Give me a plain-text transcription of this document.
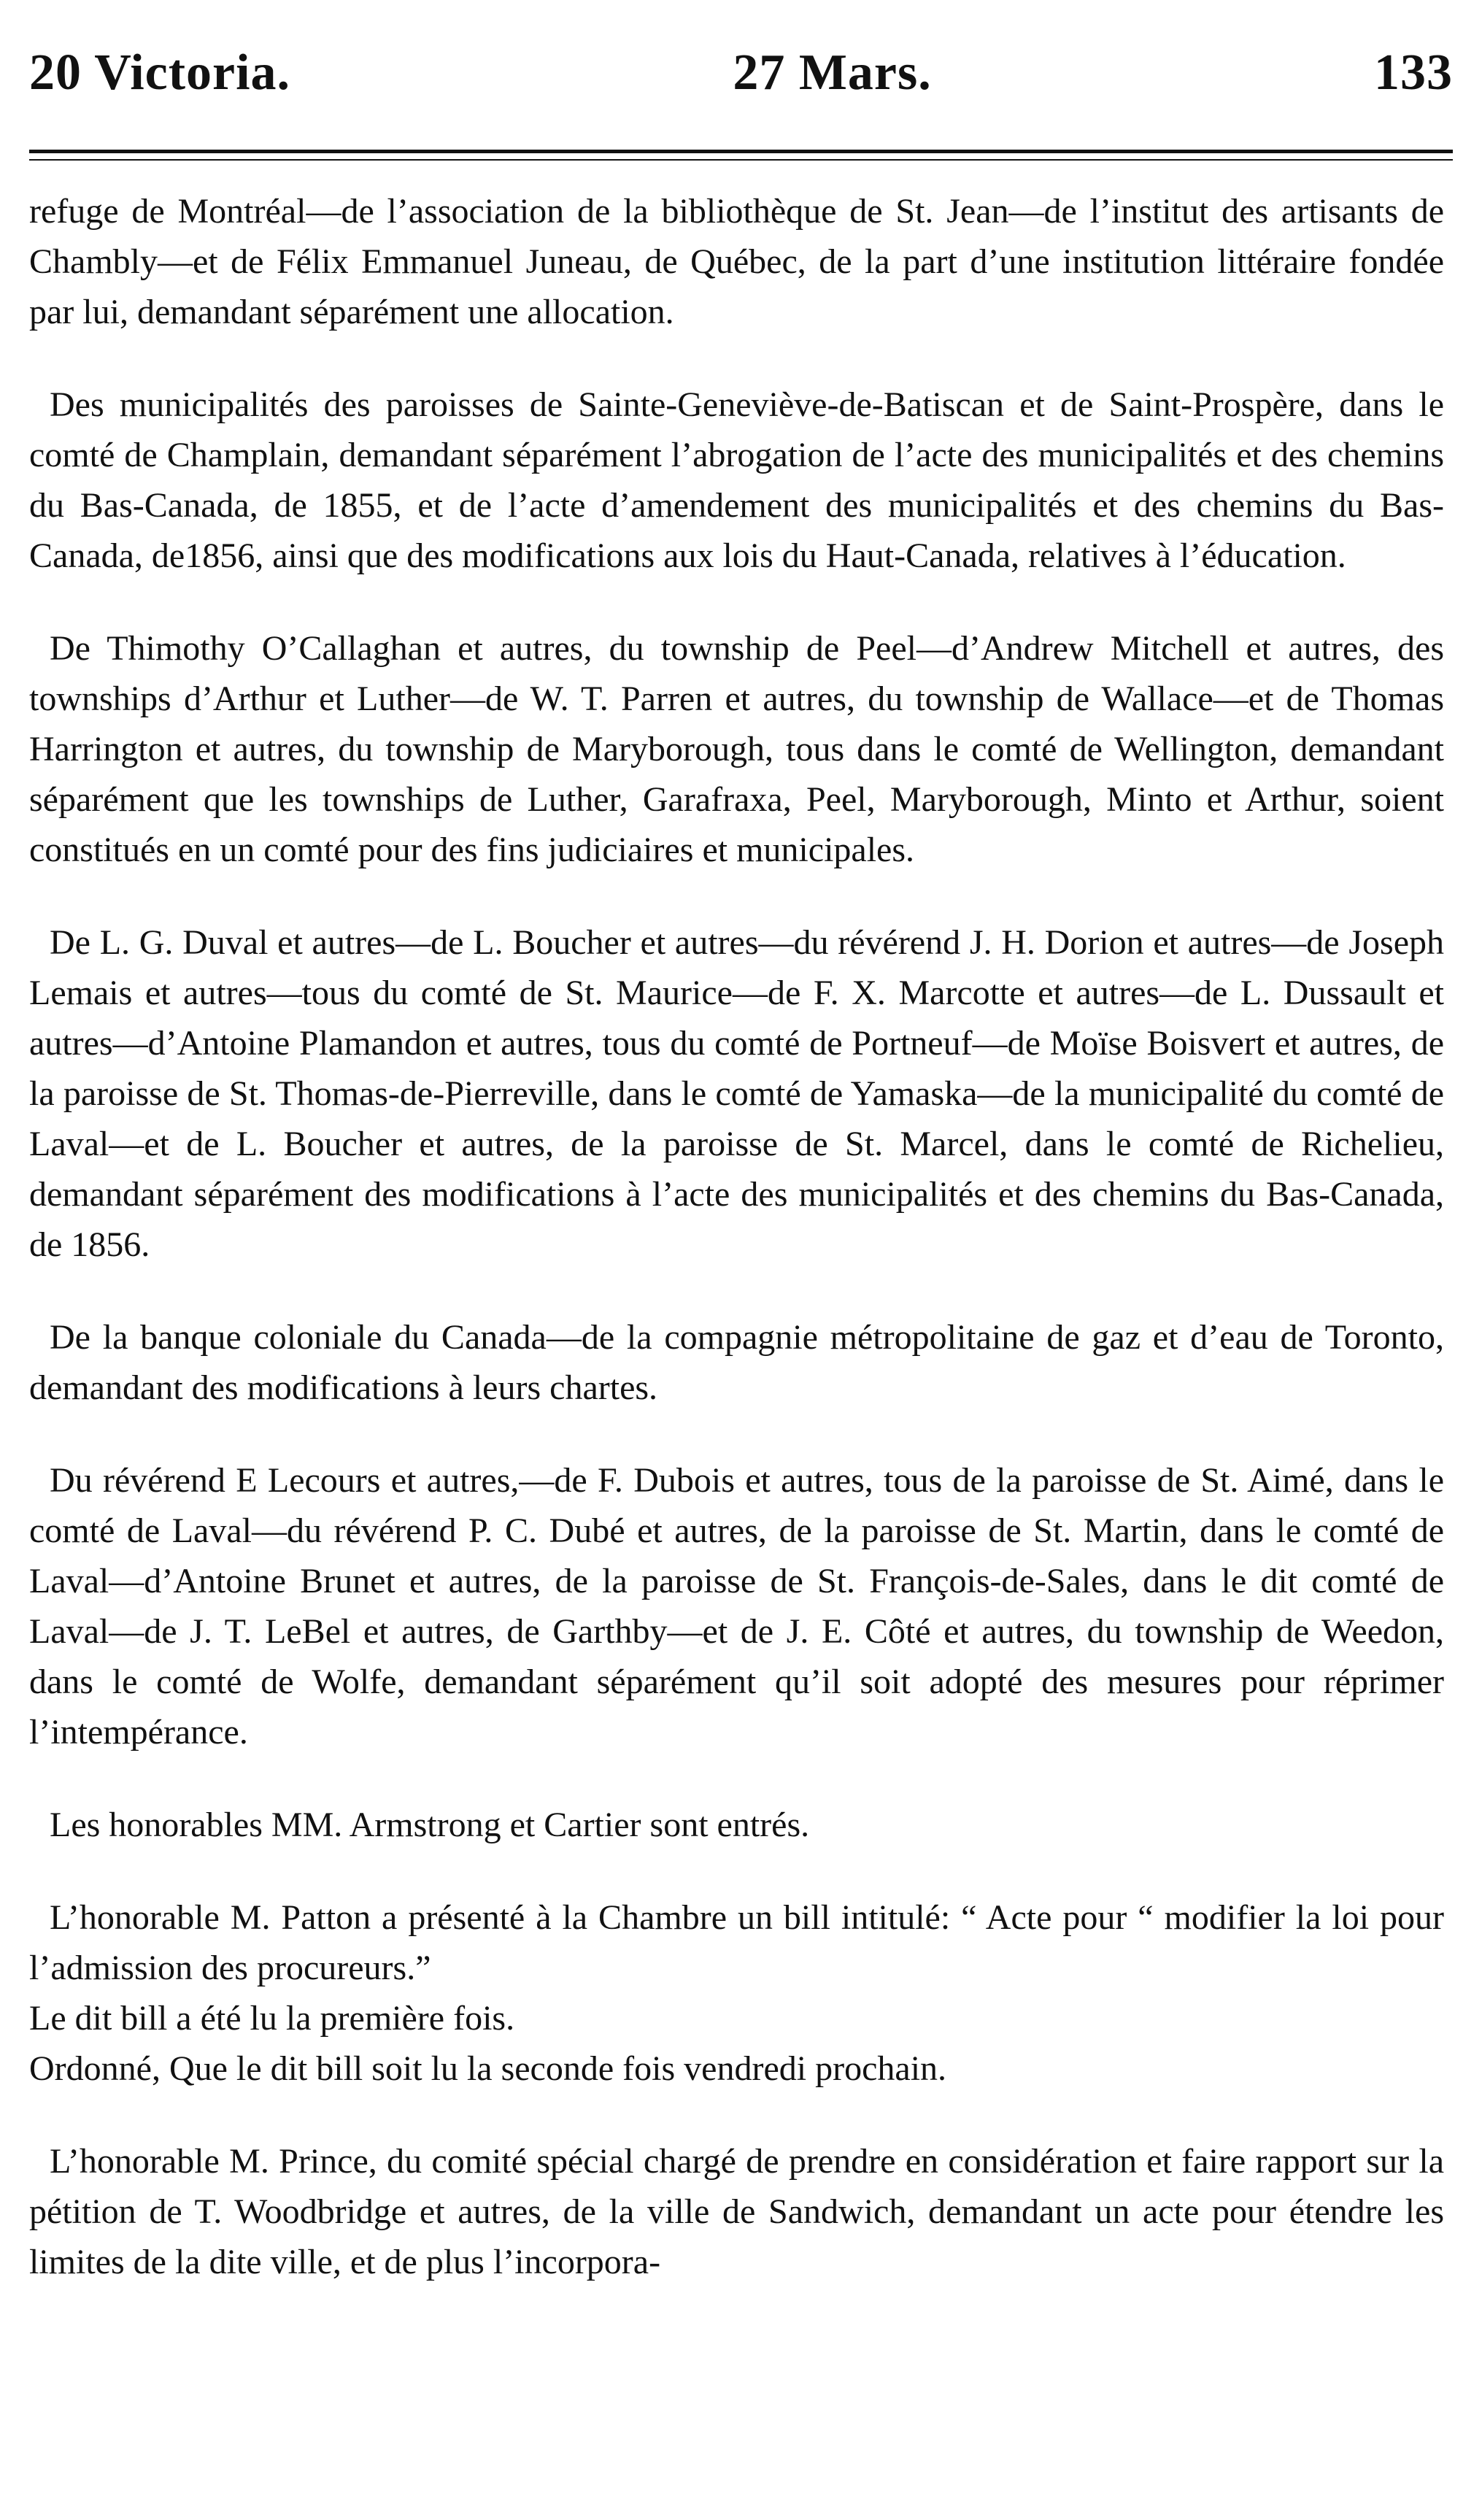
20 Victoria.	27 Mars.	133

refuge de Montréal—de l’association de la bibliothèque de St. Jean—de l’institut des artisants de Chambly—et de Félix Emmanuel Juneau, de Québec, de la part d’une institution littéraire fondée par lui, demandant séparément une allocation.

Des municipalités des paroisses de Sainte-Geneviève-de-Batiscan et de Saint-Prospère, dans le comté de Champlain, demandant séparément l’abrogation de l’acte des municipalités et des chemins du Bas-Canada, de 1855, et de l’acte d’amendement des municipalités et des chemins du Bas-Canada, de1856, ainsi que des modifications aux lois du Haut-Canada, relatives à l’éducation.

De Thimothy O’Callaghan et autres, du township de Peel—d’Andrew Mitchell et autres, des townships d’Arthur et Luther—de W. T. Parren et autres, du township de Wallace—et de Thomas Harrington et autres, du township de Maryborough, tous dans le comté de Wellington, demandant séparément que les townships de Luther, Garafraxa, Peel, Maryborough, Minto et Arthur, soient constitués en un comté pour des fins judiciaires et municipales.

De L. G. Duval et autres—de L. Boucher et autres—du révérend J. H. Dorion et autres—de Joseph Lemais et autres—tous du comté de St. Maurice—de F. X. Marcotte et autres—de L. Dussault et autres—d’Antoine Plamandon et autres, tous du comté de Portneuf—de Moïse Boisvert et autres, de la paroisse de St. Thomas-de-Pierreville, dans le comté de Yamaska—de la municipalité du comté de Laval—et de L. Boucher et autres, de la paroisse de St. Marcel, dans le comté de Richelieu, demandant séparément des modifications à l’acte des municipalités et des chemins du Bas-Canada, de 1856.

De la banque coloniale du Canada—de la compagnie métropolitaine de gaz et d’eau de Toronto, demandant des modifications à leurs chartes.

Du révérend E Lecours et autres,—de F. Dubois et autres, tous de la paroisse de St. Aimé, dans le comté de Laval—du révérend P. C. Dubé et autres, de la paroisse de St. Martin, dans le comté de Laval—d’Antoine Brunet et autres, de la paroisse de St. François-de-Sales, dans le dit comté de Laval—de J. T. LeBel et autres, de Garthby—et de J. E. Côté et autres, du township de Weedon, dans le comté de Wolfe, demandant séparément qu’il soit adopté des mesures pour réprimer l’intempérance.

Les honorables MM. Armstrong et Cartier sont entrés.

L’honorable M. Patton a présenté à la Chambre un bill intitulé: “ Acte pour “ modifier la loi pour l’admission des procureurs.”

Le dit bill a été lu la première fois.

Ordonné, Que le dit bill soit lu la seconde fois vendredi prochain.

L’honorable M. Prince, du comité spécial chargé de prendre en considération et faire rapport sur la pétition de T. Woodbridge et autres, de la ville de Sandwich, demandant un acte pour étendre les limites de la dite ville, et de plus l’incorpora-
